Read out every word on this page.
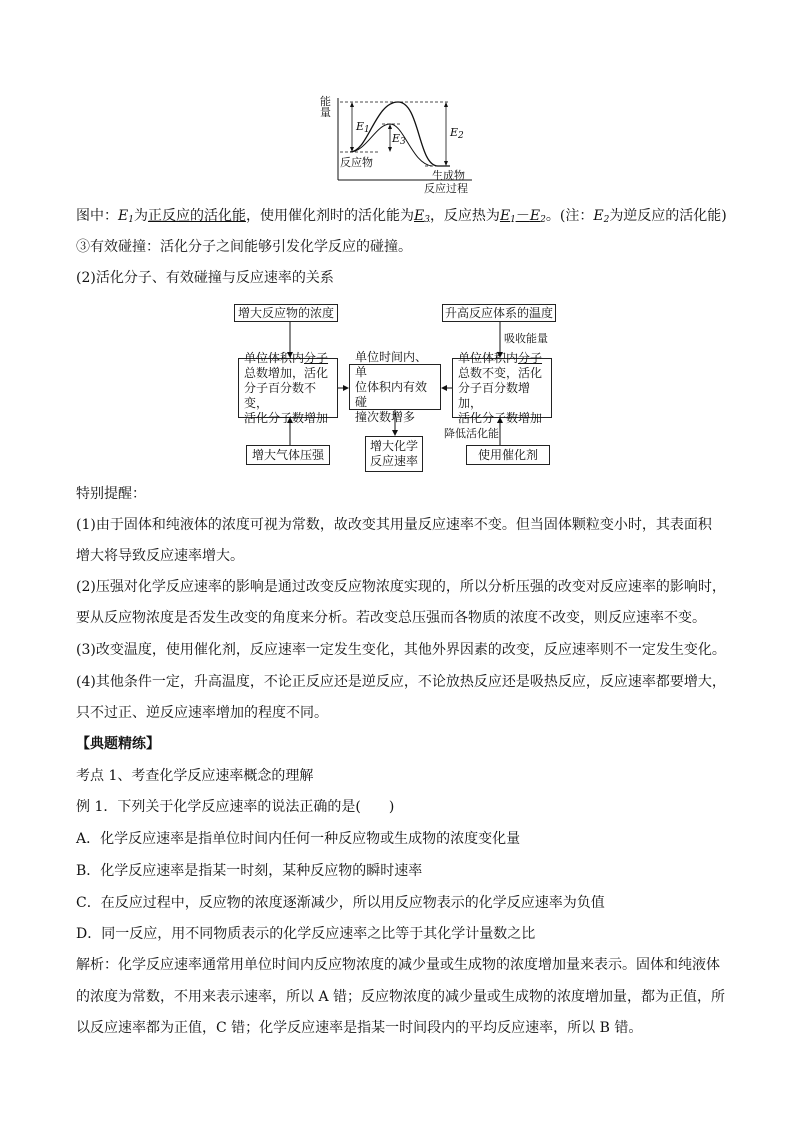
能
量
$E_1$
$E_3$
$E_2$
反应物
生成物
反应过程
图中：$E_1$为正反应的活化能，使用催化剂时的活化能为$E_3$，反应热为$E_1-E_2$。(注：$E_2$为逆反应的活化能)
③有效碰撞：活化分子之间能够引发化学反应的碰撞。
(2)活化分子、有效碰撞与反应速率的关系
增大反应物的浓度	升高反应体系的温度
吸收能量
单位体积内分子
总数增加，活化
分子百分数不变，
活化分子数增加
单位时间内、单
位体积内有效碰
撞次数增多
单位体积内分子
总数不变，活化
分子百分数增加，
活化分子数增加
降低活化能
增大气体压强
增大化学
反应速率	使用催化剂
特别提醒：
(1)由于固体和纯液体的浓度可视为常数，故改变其用量反应速率不变。但当固体颗粒变小时，其表面积
增大将导致反应速率增大。
(2)压强对化学反应速率的影响是通过改变反应物浓度实现的，所以分析压强的改变对反应速率的影响时，
要从反应物浓度是否发生改变的角度来分析。若改变总压强而各物质的浓度不改变，则反应速率不变。
(3)改变温度，使用催化剂，反应速率一定发生变化，其他外界因素的改变，反应速率则不一定发生变化。
(4)其他条件一定，升高温度，不论正反应还是逆反应，不论放热反应还是吸热反应，反应速率都要增大，
只不过正、逆反应速率增加的程度不同。
【典题精练】
考点 1、考查化学反应速率概念的理解
例 1．下列关于化学反应速率的说法正确的是(　　)
A．化学反应速率是指单位时间内任何一种反应物或生成物的浓度变化量
B．化学反应速率是指某一时刻，某种反应物的瞬时速率
C．在反应过程中，反应物的浓度逐渐减少，所以用反应物表示的化学反应速率为负值
D．同一反应，用不同物质表示的化学反应速率之比等于其化学计量数之比
解析：化学反应速率通常用单位时间内反应物浓度的减少量或生成物的浓度增加量来表示。固体和纯液体
的浓度为常数，不用来表示速率，所以 A 错；反应物浓度的减少量或生成物的浓度增加量，都为正值，所
以反应速率都为正值，C 错；化学反应速率是指某一时间段内的平均反应速率，所以 B 错。
